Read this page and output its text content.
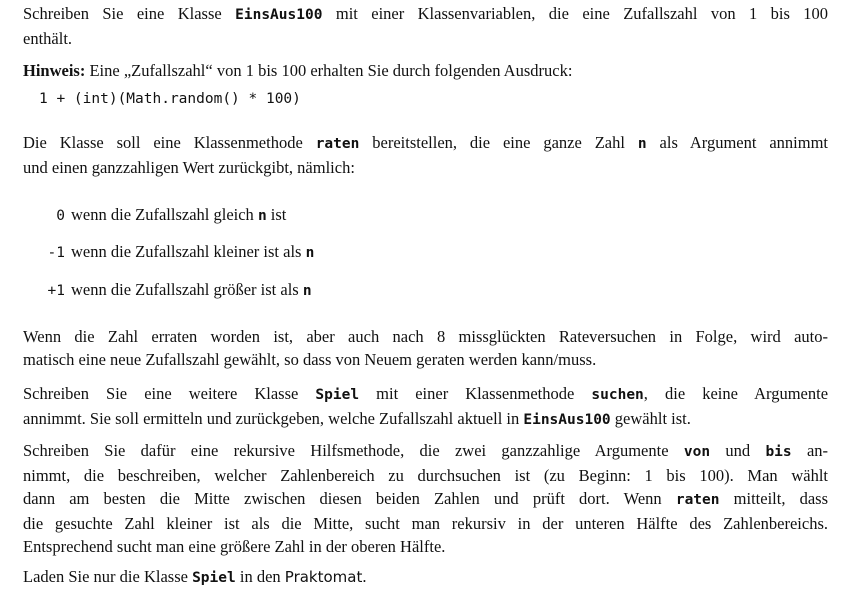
Schreiben Sie eine Klasse EinsAus100 mit einer Klassenvariablen, die eine Zufallszahl von 1 bis 100
enthält.

Hinweis: Eine „Zufallszahl“ von 1 bis 100 erhalten Sie durch folgenden Ausdruck:

1 + (int)(Math.random() * 100)

Die Klasse soll eine Klassenmethode raten bereitstellen, die eine ganze Zahl n als Argument annimmt
und einen ganzzahligen Wert zurückgibt, nämlich:

0 wenn die Zufallszahl gleich n ist
-1 wenn die Zufallszahl kleiner ist als n
+1 wenn die Zufallszahl größer ist als n

Wenn die Zahl erraten worden ist, aber auch nach 8 missglückten Rateversuchen in Folge, wird auto-
matisch eine neue Zufallszahl gewählt, so dass von Neuem geraten werden kann/muss.

Schreiben Sie eine weitere Klasse Spiel mit einer Klassenmethode suchen, die keine Argumente
annimmt. Sie soll ermitteln und zurückgeben, welche Zufallszahl aktuell in EinsAus100 gewählt ist.

Schreiben Sie dafür eine rekursive Hilfsmethode, die zwei ganzzahlige Argumente von und bis an-
nimmt, die beschreiben, welcher Zahlenbereich zu durchsuchen ist (zu Beginn: 1 bis 100). Man wählt
dann am besten die Mitte zwischen diesen beiden Zahlen und prüft dort. Wenn raten mitteilt, dass
die gesuchte Zahl kleiner ist als die Mitte, sucht man rekursiv in der unteren Hälfte des Zahlenbereichs.
Entsprechend sucht man eine größere Zahl in der oberen Hälfte.

Laden Sie nur die Klasse Spiel in den Praktomat.
